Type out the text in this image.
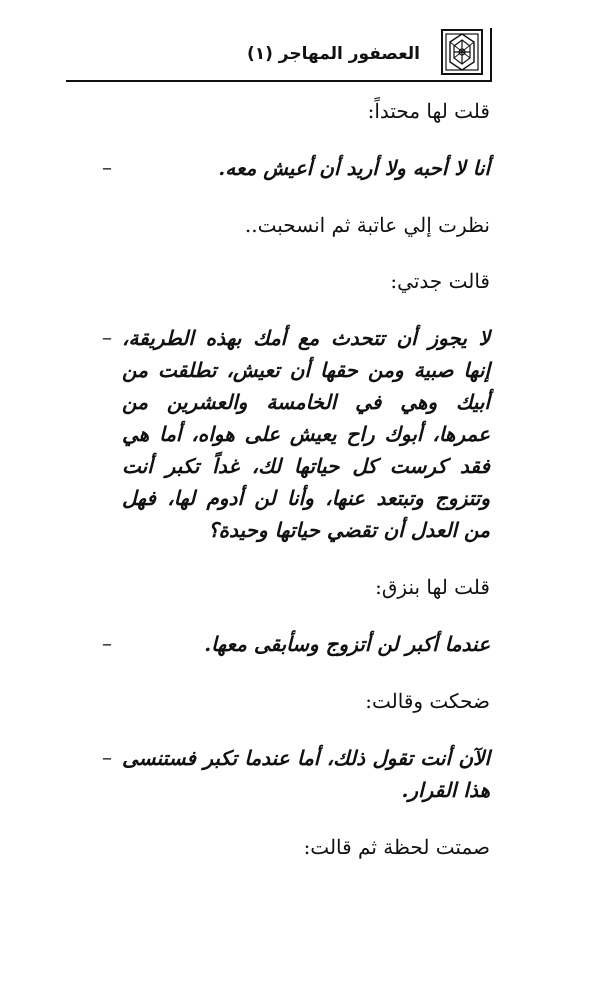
العصفور المهاجر (١)

قلت لها محتداً:

أنا لا أحبه ولا أريد أن أعيش معه.
–

نظرت إلي عاتبة ثم انسحبت..

قالت جدتي:

لا يجوز أن تتحدث مع أمك بهذه الطريقة، إنها صبية ومن حقها أن تعيش، تطلقت من أبيك وهي في الخامسة والعشرين من عمرها، أبوك راح يعيش على هواه، أما هي فقد كرست كل حياتها لك، غداً تكبر أنت وتتزوج وتبتعد عنها، وأنا لن أدوم لها، فهل من العدل أن تقضي حياتها وحيدة؟
–

قلت لها بنزق:

عندما أكبر لن أتزوج وسأبقى معها.
–

ضحكت وقالت:

الآن أنت تقول ذلك، أما عندما تكبر فستنسى هذا القرار.
–

صمتت لحظة ثم قالت:
